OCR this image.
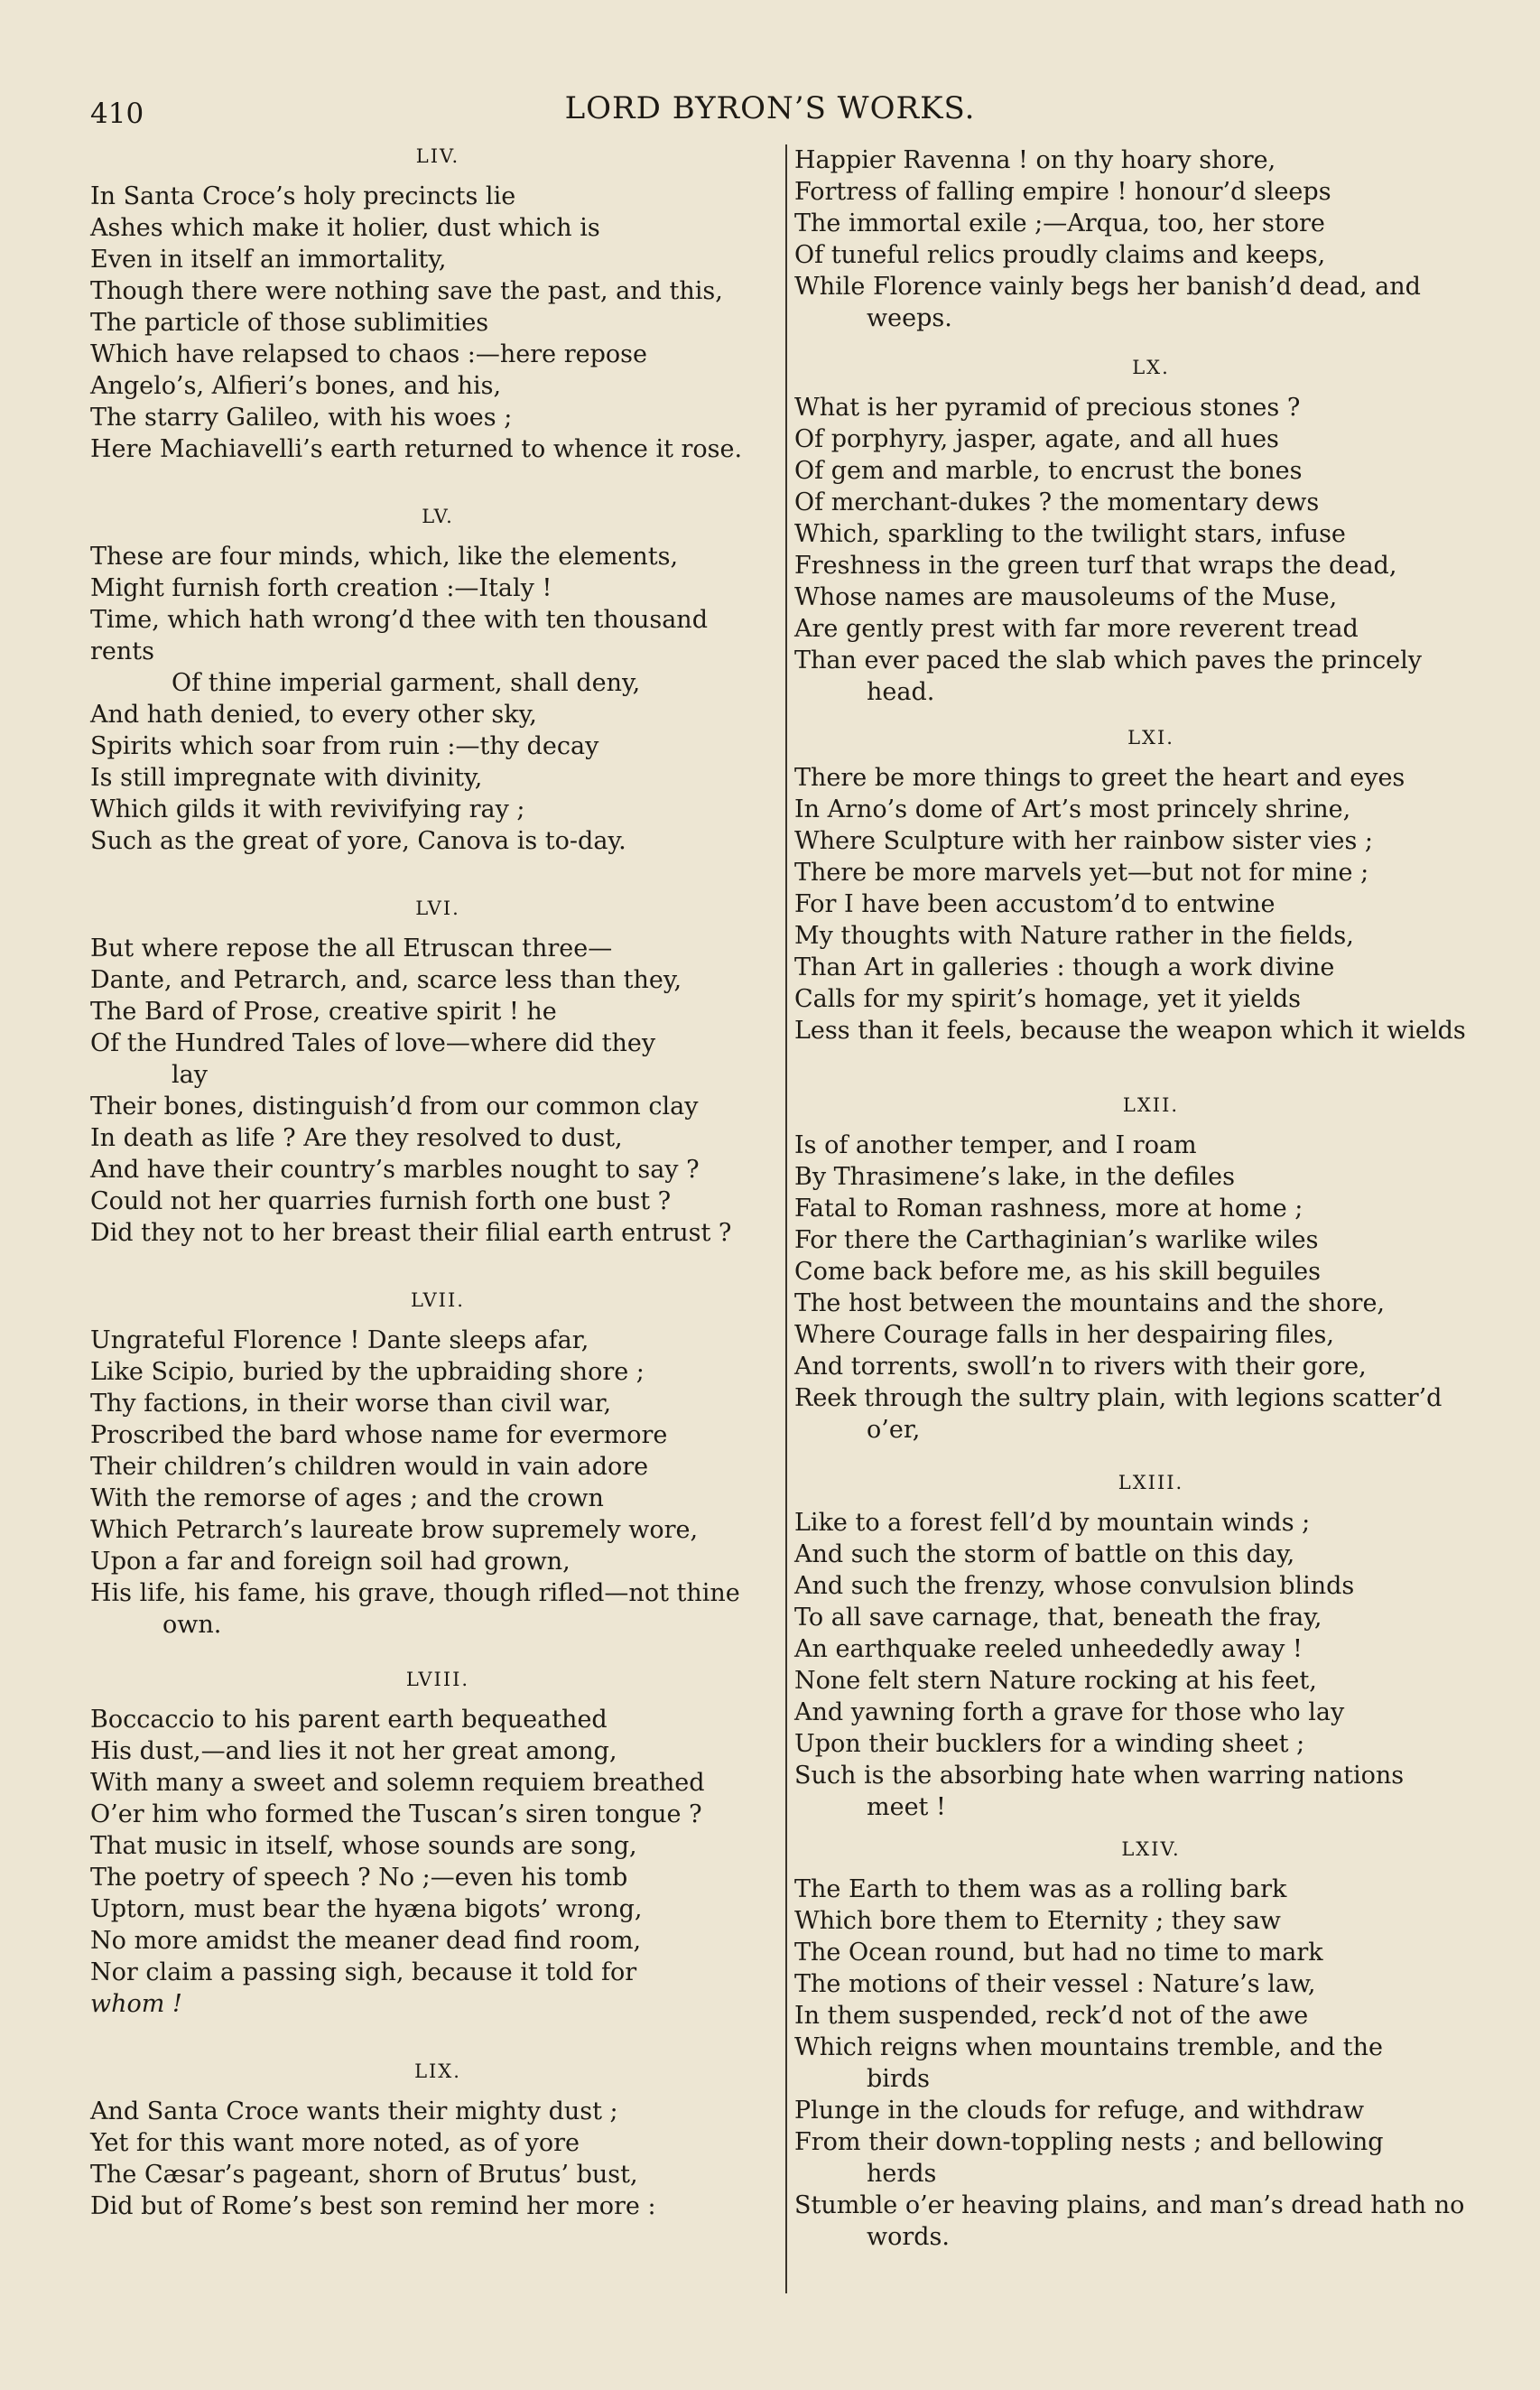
410	LORD BYRON’S WORKS.
LIV.
In Santa Croce’s holy precincts lie
Ashes which make it holier, dust which is
Even in itself an immortality,
Though there were nothing save the past, and this,
The particle of those sublimities
Which have relapsed to chaos :—here repose
Angelo’s, Alfieri’s bones, and his,
The starry Galileo, with his woes ;
Here Machiavelli’s earth returned to whence it rose.
LV.
These are four minds, which, like the elements,
Might furnish forth creation :—Italy !
Time, which hath wrong’d thee with ten thousand
rents
Of thine imperial garment, shall deny,
And hath denied, to every other sky,
Spirits which soar from ruin :—thy decay
Is still impregnate with divinity,
Which gilds it with revivifying ray ;
Such as the great of yore, Canova is to-day.
LVI.
But where repose the all Etruscan three—
Dante, and Petrarch, and, scarce less than they,
The Bard of Prose, creative spirit ! he
Of the Hundred Tales of love—where did they
lay
Their bones, distinguish’d from our common clay
In death as life ? Are they resolved to dust,
And have their country’s marbles nought to say ?
Could not her quarries furnish forth one bust ?
Did they not to her breast their filial earth entrust ?
LVII.
Ungrateful Florence ! Dante sleeps afar,
Like Scipio, buried by the upbraiding shore ;
Thy factions, in their worse than civil war,
Proscribed the bard whose name for evermore
Their children’s children would in vain adore
With the remorse of ages ; and the crown
Which Petrarch’s laureate brow supremely wore,
Upon a far and foreign soil had grown,
His life, his fame, his grave, though rifled—not thine
own.
LVIII.
Boccaccio to his parent earth bequeathed
His dust,—and lies it not her great among,
With many a sweet and solemn requiem breathed
O’er him who formed the Tuscan’s siren tongue ?
That music in itself, whose sounds are song,
The poetry of speech ? No ;—even his tomb
Uptorn, must bear the hyæna bigots’ wrong,
No more amidst the meaner dead find room,
Nor claim a passing sigh, because it told for
whom !
LIX.
And Santa Croce wants their mighty dust ;
Yet for this want more noted, as of yore
The Cæsar’s pageant, shorn of Brutus’ bust,
Did but of Rome’s best son remind her more :
Happier Ravenna ! on thy hoary shore,
Fortress of falling empire ! honour’d sleeps
The immortal exile ;—Arqua, too, her store
Of tuneful relics proudly claims and keeps,
While Florence vainly begs her banish’d dead, and
weeps.
LX.
What is her pyramid of precious stones ?
Of porphyry, jasper, agate, and all hues
Of gem and marble, to encrust the bones
Of merchant-dukes ? the momentary dews
Which, sparkling to the twilight stars, infuse
Freshness in the green turf that wraps the dead,
Whose names are mausoleums of the Muse,
Are gently prest with far more reverent tread
Than ever paced the slab which paves the princely
head.
LXI.
There be more things to greet the heart and eyes
In Arno’s dome of Art’s most princely shrine,
Where Sculpture with her rainbow sister vies ;
There be more marvels yet—but not for mine ;
For I have been accustom’d to entwine
My thoughts with Nature rather in the fields,
Than Art in galleries : though a work divine
Calls for my spirit’s homage, yet it yields
Less than it feels, because the weapon which it wields
LXII.
Is of another temper, and I roam
By Thrasimene’s lake, in the defiles
Fatal to Roman rashness, more at home ;
For there the Carthaginian’s warlike wiles
Come back before me, as his skill beguiles
The host between the mountains and the shore,
Where Courage falls in her despairing files,
And torrents, swoll’n to rivers with their gore,
Reek through the sultry plain, with legions scatter’d
o’er,
LXIII.
Like to a forest fell’d by mountain winds ;
And such the storm of battle on this day,
And such the frenzy, whose convulsion blinds
To all save carnage, that, beneath the fray,
An earthquake reeled unheededly away !
None felt stern Nature rocking at his feet,
And yawning forth a grave for those who lay
Upon their bucklers for a winding sheet ;
Such is the absorbing hate when warring nations
meet !
LXIV.
The Earth to them was as a rolling bark
Which bore them to Eternity ; they saw
The Ocean round, but had no time to mark
The motions of their vessel : Nature’s law,
In them suspended, reck’d not of the awe
Which reigns when mountains tremble, and the
birds
Plunge in the clouds for refuge, and withdraw
From their down-toppling nests ; and bellowing
herds
Stumble o’er heaving plains, and man’s dread hath no
words.
